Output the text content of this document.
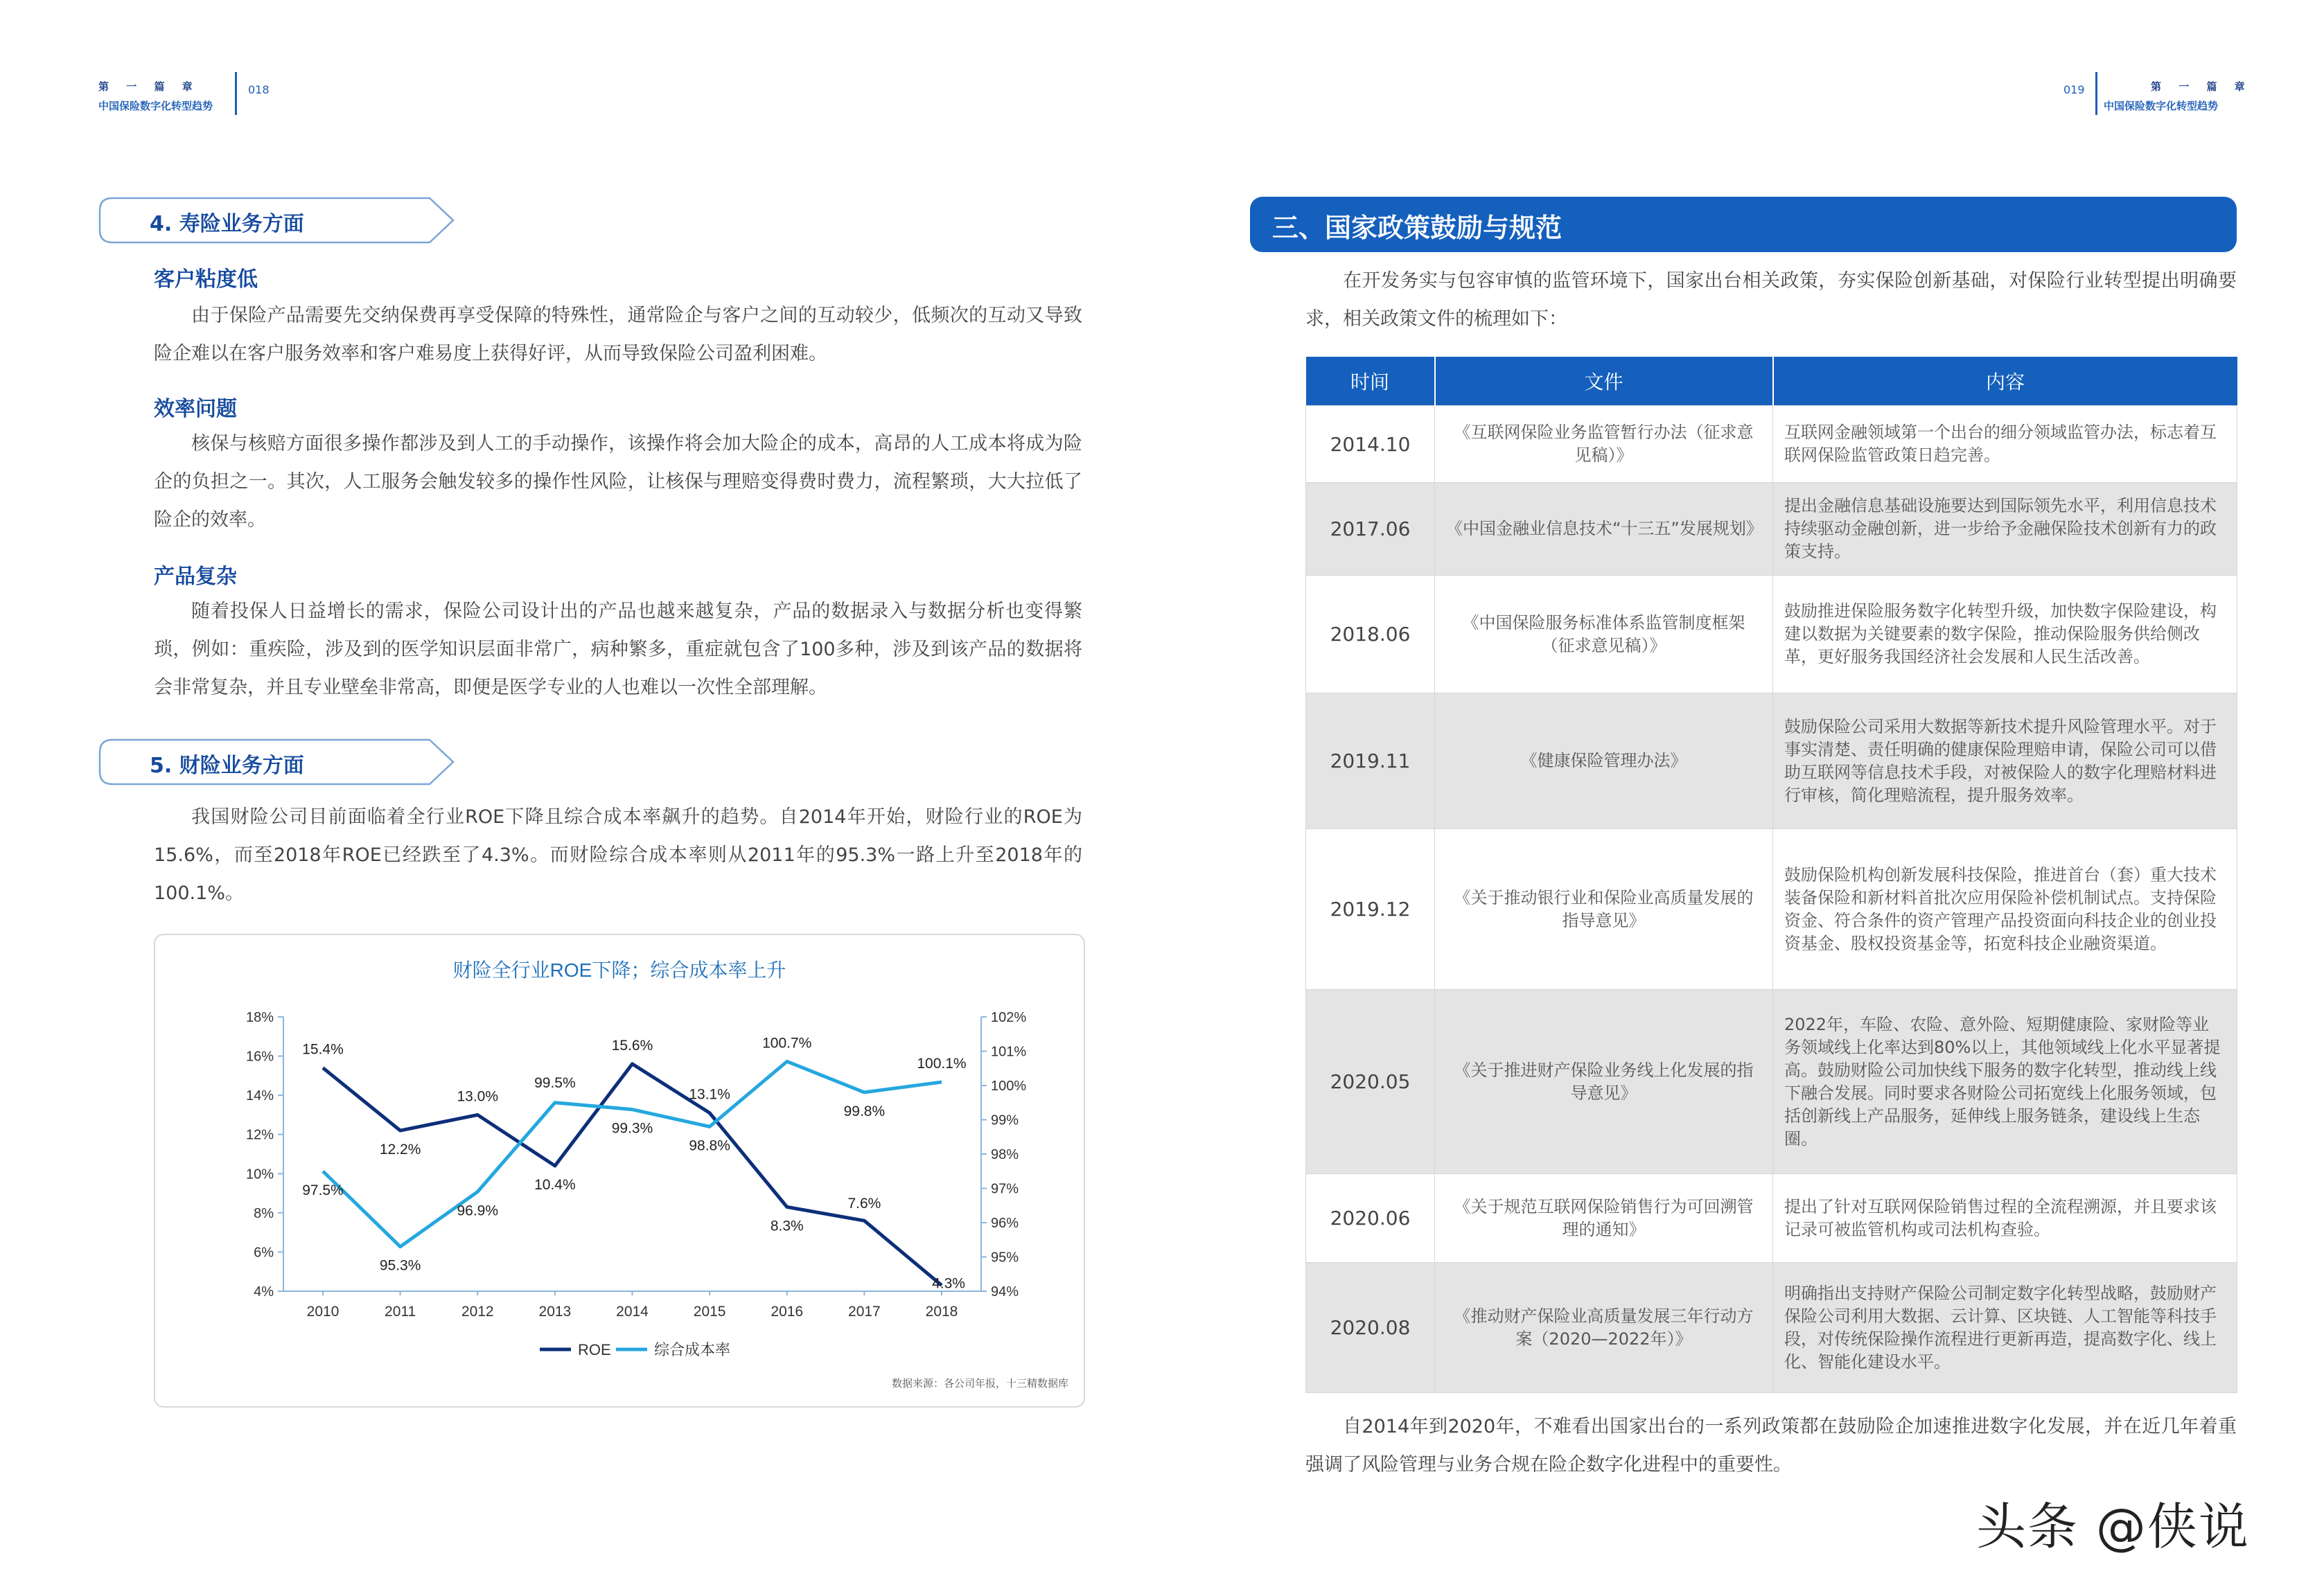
第 一 篇 章
中国保险数字化转型趋势
018	019	第 一 篇 章
中国保险数字化转型趋势
4. 寿险业务方面
客户粘度低

由于保险产品需要先交纳保费再享受保障的特殊性，通常险企与客户之间的互动较少，低频次的互动又导致险企难以在客户服务效率和客户难易度上获得好评，从而导致保险公司盈利困难。

效率问题

核保与核赔方面很多操作都涉及到人工的手动操作，该操作将会加大险企的成本，高昂的人工成本将成为险企的负担之一。其次，人工服务会触发较多的操作性风险，让核保与理赔变得费时费力，流程繁琐，大大拉低了险企的效率。

产品复杂

随着投保人日益增长的需求，保险公司设计出的产品也越来越复杂，产品的数据录入与数据分析也变得繁琐，例如：重疾险，涉及到的医学知识层面非常广，病种繁多，重症就包含了100多种，涉及到该产品的数据将会非常复杂，并且专业壁垒非常高，即便是医学专业的人也难以一次性全部理解。

5. 财险业务方面

我国财险公司目前面临着全行业ROE下降且综合成本率飙升的趋势。自2014年开始，财险行业的ROE为15.6%，而至2018年ROE已经跌至了4.3%。而财险综合成本率则从2011年的95.3%一路上升至2018年的100.1%。

财险全行业ROE下降；综合成本率上升
4%
6%
8%
10%
12%
14%
16%
18%
94%
95%
96%
97%
98%
99%
100%
101%
102%
2010	2011	2012	2013	2014	2015	2016	2017	2018
15.4%
12.2%
13.0%
10.4%
15.6%
13.1%
8.3%
7.6%
4.3%
97.5%
95.3%
96.9%
99.5%
99.3%
98.8%
100.7%
99.8%
100.1%
ROE	综合成本率
数据来源：各公司年报，十三精数据库
三、国家政策鼓励与规范

在开发务实与包容审慎的监管环境下，国家出台相关政策，夯实保险创新基础，对保险行业转型提出明确要求，相关政策文件的梳理如下：

时间	文件	内容
2014.10	《互联网保险业务监管暂行办法（征求意见稿）》	互联网金融领域第一个出台的细分领域监管办法，标志着互联网保险监管政策日趋完善。
2017.06	《中国金融业信息技术“十三五”发展规划》	提出金融信息基础设施要达到国际领先水平，利用信息技术持续驱动金融创新，进一步给予金融保险技术创新有力的政策支持。
2018.06	《中国保险服务标准体系监管制度框架（征求意见稿）》	鼓励推进保险服务数字化转型升级，加快数字保险建设，构建以数据为关键要素的数字保险，推动保险服务供给侧改革，更好服务我国经济社会发展和人民生活改善。
2019.11	《健康保险管理办法》	鼓励保险公司采用大数据等新技术提升风险管理水平。对于事实清楚、责任明确的健康保险理赔申请，保险公司可以借助互联网等信息技术手段，对被保险人的数字化理赔材料进行审核，简化理赔流程，提升服务效率。
2019.12	《关于推动银行业和保险业高质量发展的指导意见》	鼓励保险机构创新发展科技保险，推进首台（套）重大技术装备保险和新材料首批次应用保险补偿机制试点。支持保险资金、符合条件的资产管理产品投资面向科技企业的创业投资基金、股权投资基金等，拓宽科技企业融资渠道。
2020.05	《关于推进财产保险业务线上化发展的指导意见》	2022年，车险、农险、意外险、短期健康险、家财险等业务领域线上化率达到80%以上，其他领域线上化水平显著提高。鼓励财险公司加快线下服务的数字化转型，推动线上线下融合发展。同时要求各财险公司拓宽线上化服务领域，包括创新线上产品服务，延伸线上服务链条，建设线上生态圈。
2020.06	《关于规范互联网保险销售行为可回溯管理的通知》	提出了针对互联网保险销售过程的全流程溯源，并且要求该记录可被监管机构或司法机构查验。
2020.08	《推动财产保险业高质量发展三年行动方案（2020—2022年）》	明确指出支持财产保险公司制定数字化转型战略，鼓励财产保险公司利用大数据、云计算、区块链、人工智能等科技手段，对传统保险操作流程进行更新再造，提高数字化、线上化、智能化建设水平。

自2014年到2020年，不难看出国家出台的一系列政策都在鼓励险企加速推进数字化发展，并在近几年着重强调了风险管理与业务合规在险企数字化进程中的重要性。

头条 @侠说
